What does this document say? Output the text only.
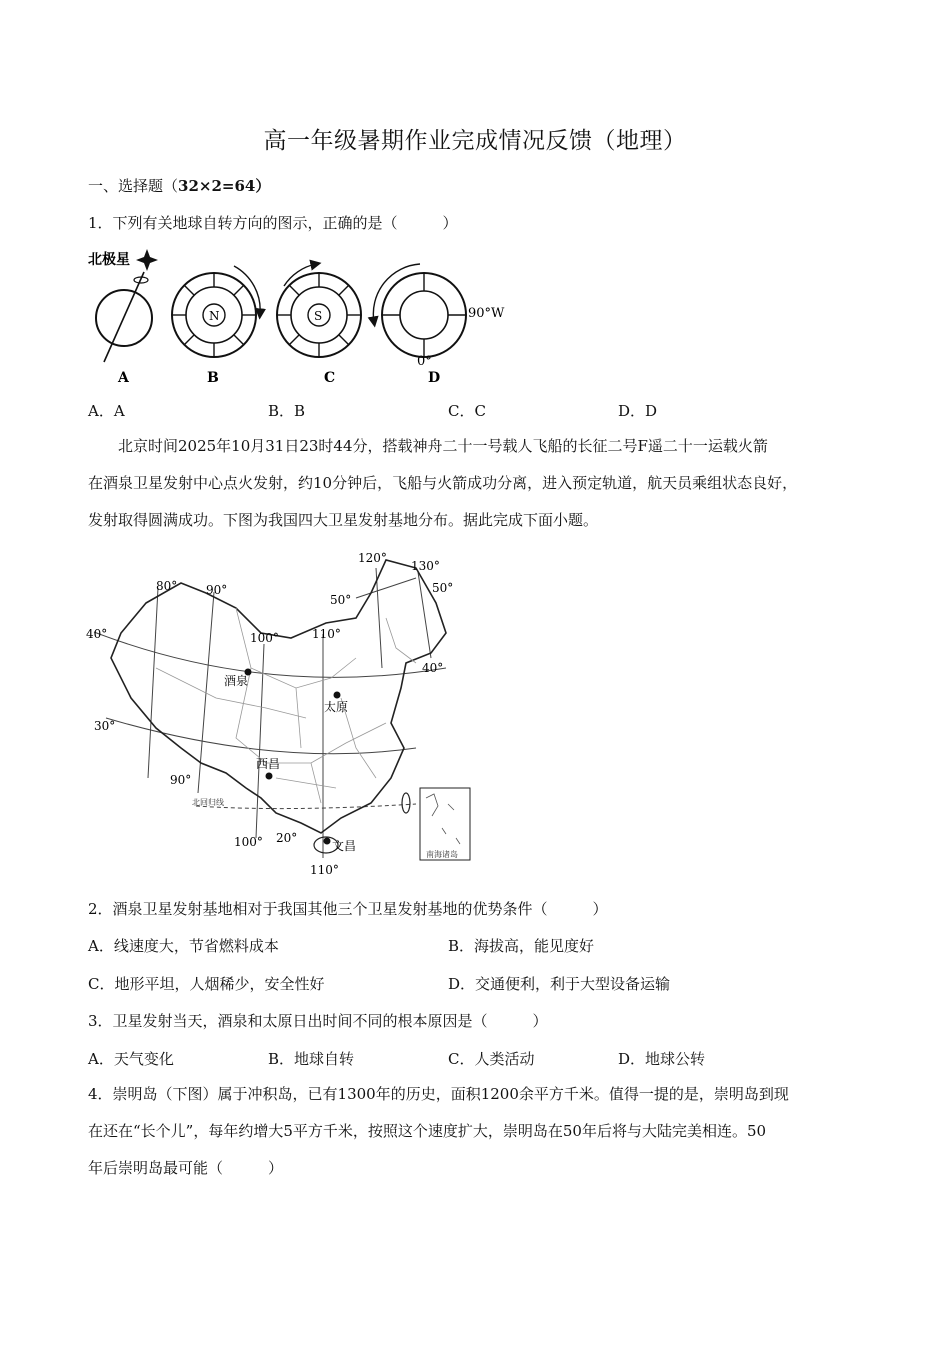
高一年级暑期作业完成情况反馈（地理）
一、选择题（32×2=64）
1．下列有关地球自转方向的图示，正确的是（　　　）
北极星
A
N
B
S
C
90°W
0°
D
A．A	B．B	C．C	D．D
北京时间2025年10月31日23时44分，搭载神舟二十一号载人飞船的长征二号F遥二十一运载火箭
在酒泉卫星发射中心点火发射，约10分钟后，飞船与火箭成功分离，进入预定轨道，航天员乘组状态良好，
发射取得圆满成功。下图为我国四大卫星发射基地分布。据此完成下面小题。
南海诸岛
80° 90°
100°	110°
120°
130°
90°
100°
110°
50°
50°
40°
40°
30°
20°
北回归线
酒泉
太原
西昌
文昌
2．酒泉卫星发射基地相对于我国其他三个卫星发射基地的优势条件（　　　）
A．线速度大，节省燃料成本	B．海拔高，能见度好
C．地形平坦，人烟稀少，安全性好	D．交通便利，利于大型设备运输
3．卫星发射当天，酒泉和太原日出时间不同的根本原因是（　　　）
A．天气变化	B．地球自转	C．人类活动	D．地球公转
4．崇明岛（下图）属于冲积岛，已有1300年的历史，面积1200余平方千米。值得一提的是，崇明岛到现
在还在“长个儿”，每年约增大5平方千米，按照这个速度扩大，崇明岛在50年后将与大陆完美相连。50
年后崇明岛最可能（　　　）
